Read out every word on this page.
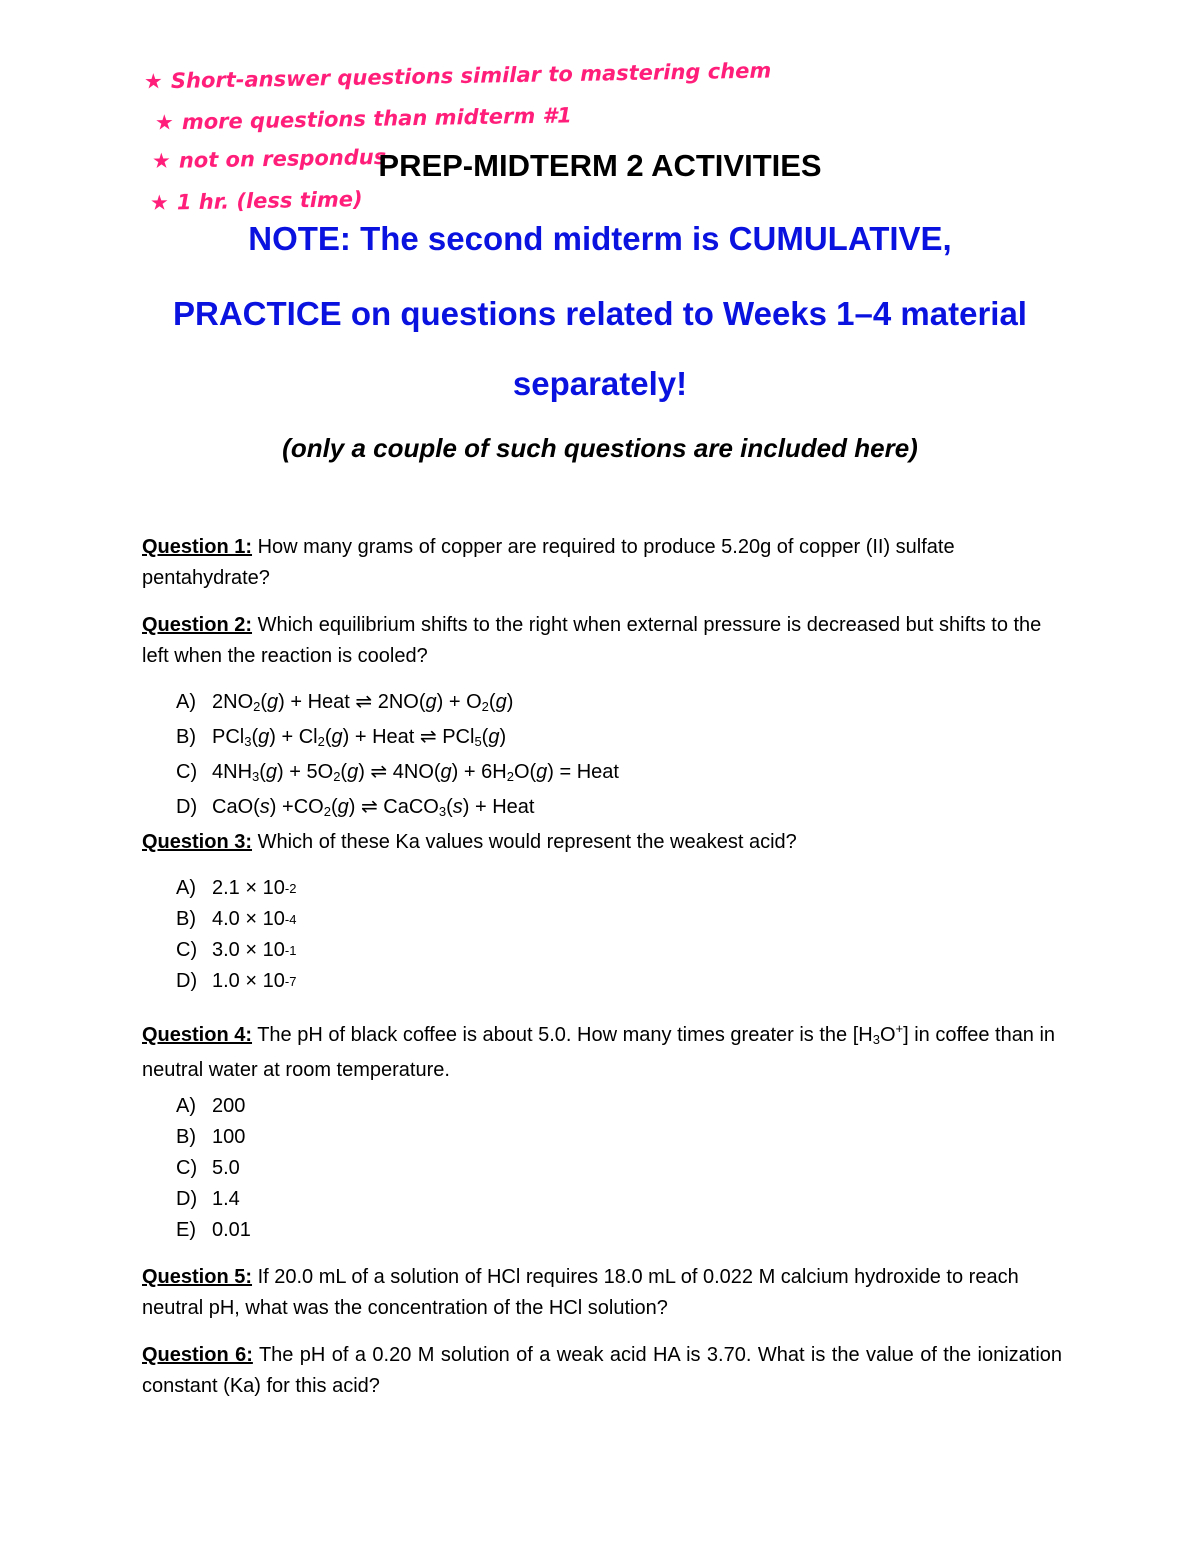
★ Short-answer questions similar to mastering chem
★ more questions than midterm #1
★ not on respondus
★ 1 hr. (less time)
PREP-MIDTERM 2 ACTIVITIES
NOTE: The second midterm is CUMULATIVE,
PRACTICE on questions related to Weeks 1–4 material
separately!
(only a couple of such questions are included here)
Question 1: How many grams of copper are required to produce 5.20g of copper (II) sulfate pentahydrate?
Question 2: Which equilibrium shifts to the right when external pressure is decreased but shifts to the left when the reaction is cooled?
A) $2NO_2(g)$ + Heat ⇌ $2NO(g) + O_2(g)$
B) $PCl_3(g) + Cl_2(g)$ + Heat ⇌ PCl$_5$(g)
C) $4NH_3(g) + 5O_2(g)$ ⇌ $4NO(g) + 6H_2O(g)$ = Heat
D) $CaO(s) +CO_2(g)$ ⇌ CaCO$_3$(s) + Heat
Question 3: Which of these Ka values would represent the weakest acid?
A) 2.1
×
10 -2
B) 4.0
×
10 -4
C) 3.0
×
10 -1
D) 1.0
×
10 -7
Question 4: The pH of black coffee is about 5.0. How many times greater is the $[H_3O^+]$ in coffee than in neutral water at room temperature.
A) 200
B) 100
C) 5.0
D) 1.4
E) 0.01
Question 5: If 20.0 mL of a solution of HCl requires 18.0 mL of 0.022 M calcium hydroxide to reach neutral pH, what was the concentration of the HCl solution?
Question 6: The pH of a 0.20 M solution of a weak acid HA is 3.70. What is the value of the ionization constant (Ka) for this acid?
